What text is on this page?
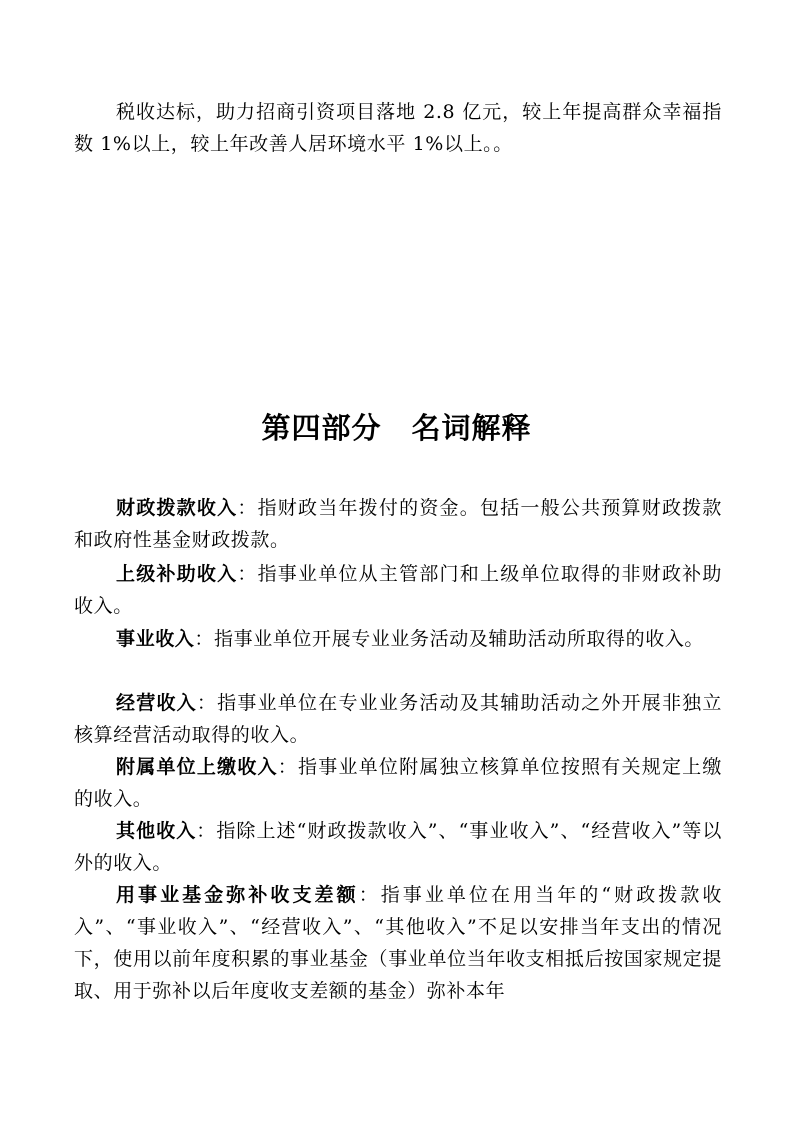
税收达标，助力招商引资项目落地 2.8 亿元，较上年提高群众幸福指数 1%以上，较上年改善人居环境水平 1%以上。。

第四部分　名词解释

财政拨款收入：指财政当年拨付的资金。包括一般公共预算财政拨款和政府性基金财政拨款。

上级补助收入：指事业单位从主管部门和上级单位取得的非财政补助收入。

事业收入：指事业单位开展专业业务活动及辅助活动所取得的收入。

经营收入：指事业单位在专业业务活动及其辅助活动之外开展非独立核算经营活动取得的收入。

附属单位上缴收入：指事业单位附属独立核算单位按照有关规定上缴的收入。

其他收入：指除上述“财政拨款收入”、“事业收入”、“经营收入”等以外的收入。

用事业基金弥补收支差额：指事业单位在用当年的“财政拨款收入”、“事业收入”、“经营收入”、“其他收入”不足以安排当年支出的情况下，使用以前年度积累的事业基金（事业单位当年收支相抵后按国家规定提取、用于弥补以后年度收支差额的基金）弥补本年
